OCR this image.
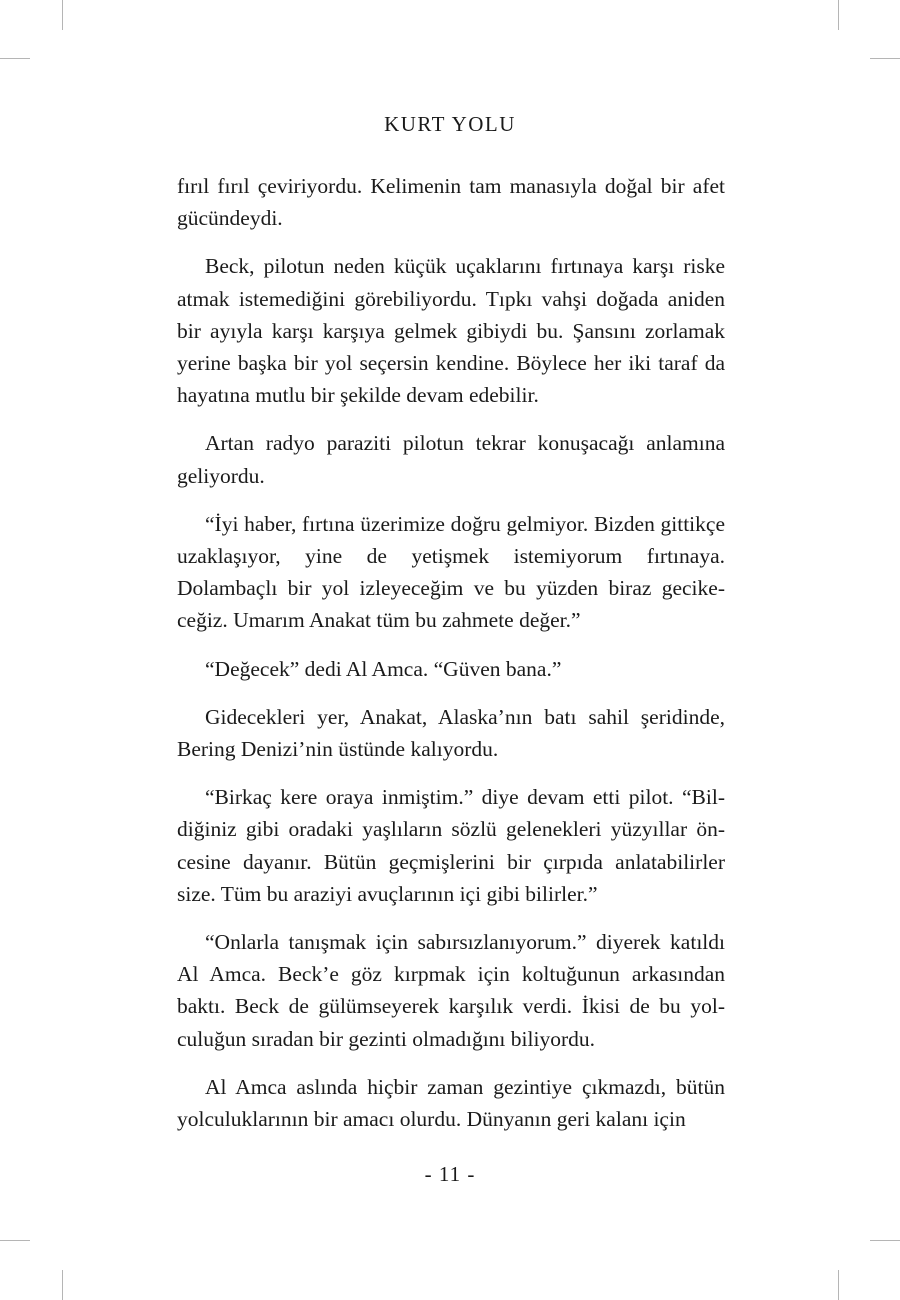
KURT YOLU

fırıl fırıl çeviriyordu. Kelimenin tam manasıyla doğal bir afet gücündeydi.

Beck, pilotun neden küçük uçaklarını fırtınaya karşı riske atmak istemediğini görebiliyordu. Tıpkı vahşi doğada aniden bir ayıyla karşı karşıya gelmek gibiydi bu. Şansını zorlamak yerine başka bir yol seçersin kendine. Böylece her iki taraf da hayatına mutlu bir şekilde devam edebilir.

Artan radyo paraziti pilotun tekrar konuşacağı anlamına geliyordu.

“İyi haber, fırtına üzerimize doğru gelmiyor. Bizden gittikçe uzaklaşıyor, yine de yetişmek istemiyorum fırtınaya. Dolambaçlı bir yol izleyeceğim ve bu yüzden biraz gecikeceğiz. Umarım Anakat tüm bu zahmete değer.”

“Değecek” dedi Al Amca. “Güven bana.”

Gidecekleri yer, Anakat, Alaska’nın batı sahil şeridinde, Bering Denizi’nin üstünde kalıyordu.

“Birkaç kere oraya inmiştim.” diye devam etti pilot. “Bildiğiniz gibi oradaki yaşlıların sözlü gelenekleri yüzyıllar öncesine dayanır. Bütün geçmişlerini bir çırpıda anlatabilirler size. Tüm bu araziyi avuçlarının içi gibi bilirler.”

“Onlarla tanışmak için sabırsızlanıyorum.” diyerek katıldı Al Amca. Beck’e göz kırpmak için koltuğunun arkasından baktı. Beck de gülümseyerek karşılık verdi. İkisi de bu yolculuğun sıradan bir gezinti olmadığını biliyordu.

Al Amca aslında hiçbir zaman gezintiye çıkmazdı, bütün yolculuklarının bir amacı olurdu. Dünyanın geri kalanı için

- 11 -
